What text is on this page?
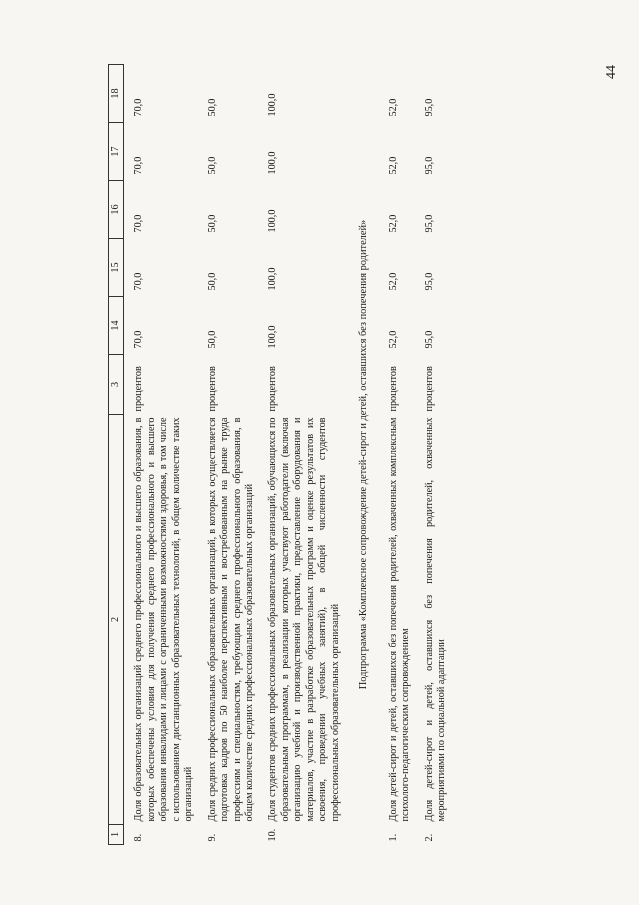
44
1	2	3	14	15	16	17	18
8.	Доля образовательных организаций среднего профессионального и высшего образования, в которых обеспечены условия для получения среднего профессионального и высшего образования инвалидами и лицами с ограниченными возможностями здоровья, в том числе с использованием дистанционных образовательных технологий, в общем количестве таких организаций	процентов	70,0	70,0	70,0	70,0	70,0
9.	Доля средних профессиональных образовательных организаций, в которых осуществляется подготовка кадров по 50 наиболее перспективным и востребованным на рынке труда профессиям и специальностям, требующим среднего профессионального образования, в общем количестве средних профессиональных образовательных организаций	процентов	50,0	50,0	50,0	50,0	50,0
10.	Доля студентов средних профессиональных образовательных организаций, обучающихся по образовательным программам, в реализации которых участвуют работодатели (включая организацию учебной и производственной практики, предоставление оборудования и материалов, участие в разработке образовательных программ и оценке результатов их освоения, проведении учебных занятий), в общей численности студентов профессиональных образовательных организаций	процентов	100,0	100,0	100,0	100,0	100,0
Подпрограмма «Комплексное сопровождение детей-сирот и детей, оставшихся без попечения родителей»							
1.	Доля детей-сирот и детей, оставшихся без попечения родителей, охваченных комплексным психолого-педагогическим сопровождением	процентов	52,0	52,0	52,0	52,0	52,0
2.	Доля детей-сирот и детей, оставшихся без попечения родителей, охваченных мероприятиями по социальной адаптации	процентов	95,0	95,0	95,0	95,0	95,0
